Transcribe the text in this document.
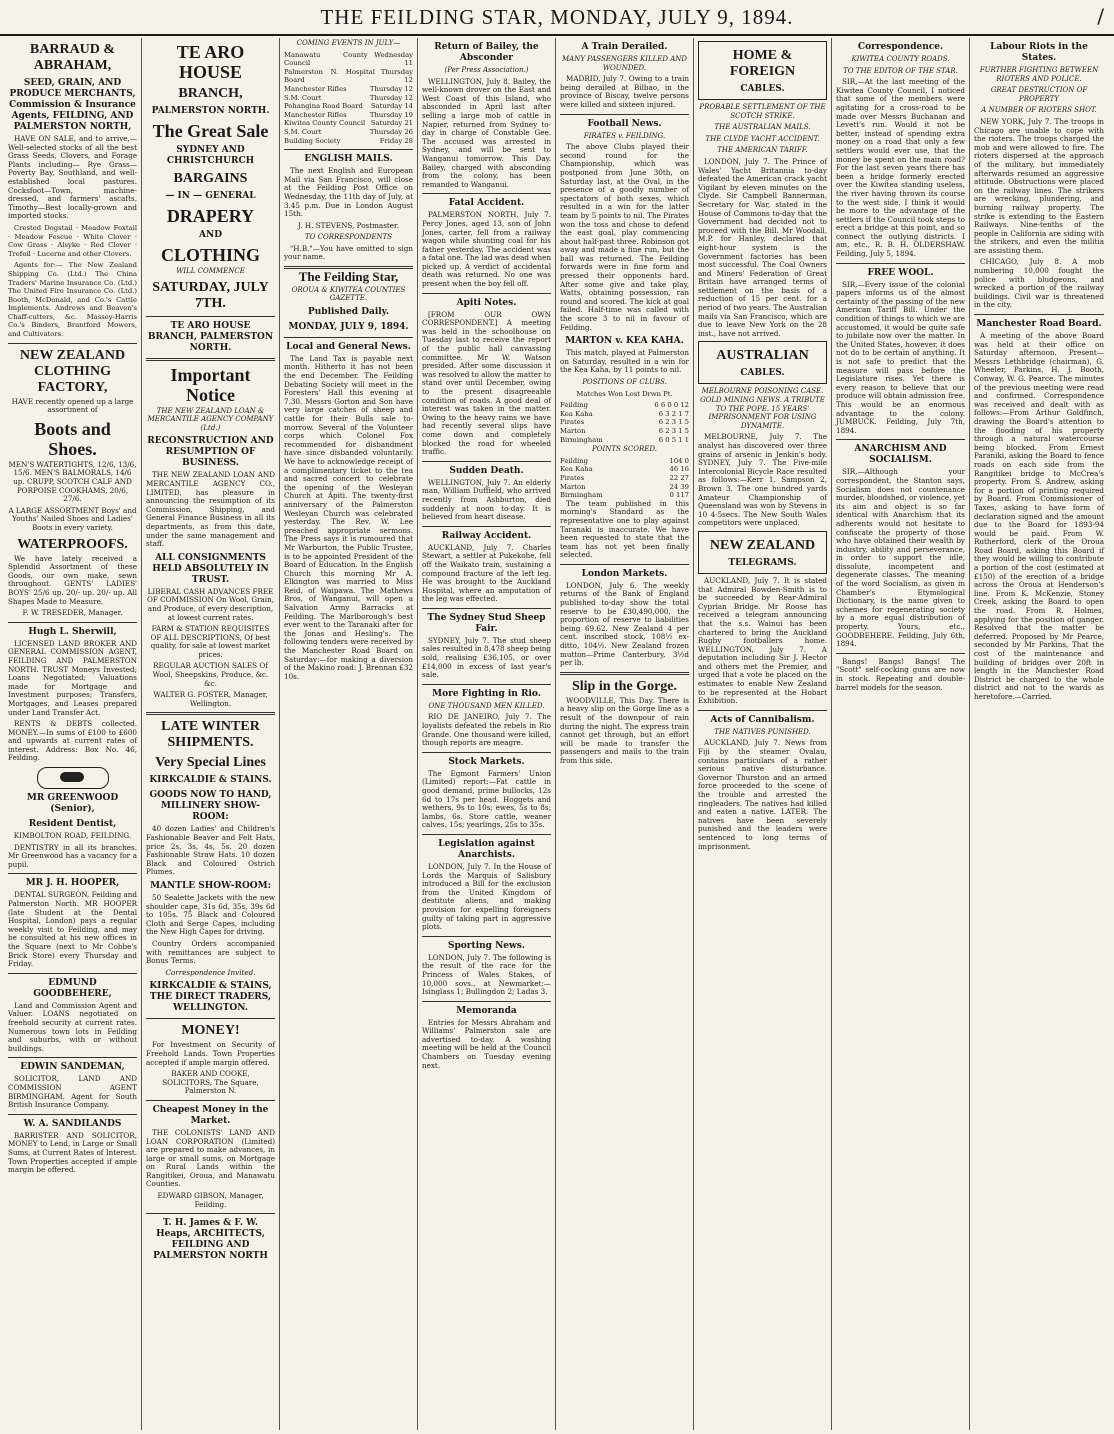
THE FEILDING STAR, MONDAY, JULY 9, 1894.	/
BARRAUD & ABRAHAM,
SEED, GRAIN, AND PRODUCE MERCHANTS, Commission & Insurance Agents, FEILDING, AND PALMERSTON NORTH,

HAVE ON SALE, and to arrive,— Well-selected stocks of all the best Grass Seeds, Clovers, and Forage Plants including— Rye Grass—Poverty Bay, Southland, and well-established local pastures. Cocksfoot—Town, machine-dressed, and farmers' ascafts. Timothy—Best locally-grown and imported stocks.

Crested Dogstail · Meadow Foxtail · Meadow Fescue · White Clover · Cow Grass · Alsyke · Red Clover · Trefoil · Lucerne and other Clovers.

Agents for:— The New Zealand Shipping Co. (Ltd.) The China Traders' Marine Insurance Co. (Ltd.) The United Fire Insurance Co. (Ltd.) Booth, McDonald, and Co.'s Cattle Implements. Andrews and Beaven's Chaff-cutters, &c. Massey-Harris Co.'s Binders, Brantford Mowers, and Cultivators.

NEW ZEALAND CLOTHING FACTORY,

HAVE recently opened up a large assortment of

Boots and Shoes.

MEN'S WATERTIGHTS, 12/6, 13/6, 15/6. MEN'S BALMORALS, 14/6 up. CRUPP, SCOTCH CALF AND PORPOISE COOKHAMS, 20/6, 27/6.

A LARGE ASSORTMENT Boys' and Youths' Nailed Shoes and Ladies' Boots in every variety.

WATERPROOFS.

We have lately received a Splendid Assortment of these Goods, our own make, sewn throughout. GENTS' LADIES' BOYS' 25/6 up. 20/- up. 20/- up. All Shapes Made to Measure.

F. W. TRESEDER, Manager.

Hugh L. Sherwill,

LICENSED LAND BROKER AND GENERAL COMMISSION AGENT, FEILDING AND PALMERSTON NORTH. TRUST Moneys Invested; Loans Negotiated; Valuations made for Mortgage and Investment purposes; Transfers, Mortgages, and Leases prepared under Land Transfer Act.

RENTS & DEBTS collected. MONEY.—In sums of £100 to £600 and upwards at current rates of interest. Address: Box No. 46, Feilding.

MR GREENWOOD (Senior),
Resident Dentist,

KIMBOLTON ROAD, FEILDING.

DENTISTRY in all its branches. Mr Greenwood has a vacancy for a pupil.

MR J. H. HOOPER,

DENTAL SURGEON, Feilding and Palmerston North. MR HOOPER (late Student at the Dental Hospital, London) pays a regular weekly visit to Feilding, and may be consulted at his new offices in the Square (next to Mr Cobbe's Brick Store) every Thursday and Friday.

EDMUND GOODBEHERE,

Land and Commission Agent and Valuer. LOANS negotiated on freehold security at current rates. Numerous town lots in Feilding and suburbs, with or without buildings.

EDWIN SANDEMAN,

SOLICITOR, LAND AND COMMISSION AGENT BIRMINGHAM. Agent for South British Insurance Company.

W. A. SANDILANDS

BARRISTER AND SOLICITOR, MONEY to Lend, in Large or Small Sums, at Current Rates of Interest. Town Properties accepted if ample margin be offered.

TE ARO HOUSE
BRANCH,
PALMERSTON NORTH.
The Great Sale
SYDNEY AND CHRISTCHURCH
BARGAINS
— IN — GENERAL
DRAPERY
AND
CLOTHING
WILL COMMENCE
SATURDAY, JULY 7TH.
TE ARO HOUSE BRANCH, PALMERSTON NORTH.
Important Notice
THE NEW ZEALAND LOAN & MERCANTILE AGENCY COMPANY (Ltd.)
RECONSTRUCTION AND RESUMPTION OF BUSINESS.

THE NEW ZEALAND LOAN AND MERCANTILE AGENCY CO., LIMITED, has pleasure in announcing the resumption of its Commission, Shipping, and General Finance Business in all its departments, as from this date, under the same management and staff.

ALL CONSIGNMENTS HELD ABSOLUTELY IN TRUST.

LIBERAL CASH ADVANCES FREE OF COMMISSION On Wool, Grain, and Produce, of every description, at lowest current rates.

FARM & STATION REQUISITES OF ALL DESCRIPTIONS, Of best quality, for sale at lowest market prices.

REGULAR AUCTION SALES Of Wool, Sheepskins, Produce, &c. &c.

WALTER G. FOSTER, Manager, Wellington.

LATE WINTER SHIPMENTS.
Very Special Lines
KIRKCALDIE & STAINS.
GOODS NOW TO HAND, MILLINERY SHOW-ROOM:

40 dozen Ladies' and Children's Fashionable Beaver and Felt Hats, price 2s, 3s, 4s, 5s. 20 dozen Fashionable Straw Hats. 10 dozen Black and Coloured Ostrich Plumes.

MANTLE SHOW-ROOM:

50 Sealette Jackets with the new shoulder cape, 31s 6d, 35s, 39s 6d to 105s. 75 Black and Coloured Cloth and Serge Capes, including the New High Capes for driving.

Country Orders accompanied with remittances are subject to Bonus Terms.

Correspondence Invited.

KIRKCALDIE & STAINS, THE DIRECT TRADERS, WELLINGTON.
MONEY!

For Investment on Security of Freehold Lands. Town Properties accepted if ample margin offered.

BAKER AND COOKE, SOLICITORS, The Square, Palmerston N.

Cheapest Money in the Market.

THE COLONISTS' LAND AND LOAN CORPORATION (Limited) are prepared to make advances, in large or small sums, on Mortgage on Rural Lands within the Rangitikei, Oroua, and Manawatu Counties.

EDWARD GIBSON, Manager, Feilding.

T. H. James & F. W. Heaps, ARCHITECTS, FEILDING AND PALMERSTON NORTH
COMING EVENTS IN JULY—
Manawatu County Council
Wednesday 11
Palmerston N. Hospital Board
Thursday 12
Manchester Rifles	Thursday 12
S.M. Court	Thursday 12
Pohangina Road Board Saturday 14
Manchester Rifles	Thursday 19
Kiwitea County Council Saturday 21
S.M. Court	Thursday 26
Building Society	Friday 28
ENGLISH MAILS.

The next English and European Mail via San Francisco, will close at the Feilding Post Office on Wednesday, the 11th day of July, at 3.45 p.m. Due in London August 15th.

J. H. STEVENS, Postmaster.

TO CORRESPONDENTS

"H.B."—You have omitted to sign your name.

The Feilding Star,
OROUA & KIWITEA COUNTIES GAZETTE.
Published Daily.
MONDAY, JULY 9, 1894.
Local and General News.

The Land Tax is payable next month. Hitherto it has not been the end December. The Feilding Debating Society will meet in the Foresters' Hall this evening at 7.30. Messrs Gorton and Son have very large catches of sheep and cattle for their Bulls sale to-morrow. Several of the Volunteer corps which Colonel Fox recommended for disbandment have since disbanded voluntarily. We have to acknowledge receipt of a complimentary ticket to the tea and sacred concert to celebrate the opening of the Wesleyan Church at Apiti. The twenty-first anniversary of the Palmerston Wesleyan Church was celebrated yesterday. The Rev. W. Lee preached appropriate sermons. The Press says it is rumoured that Mr Warburton, the Public Trustee, is to be appointed President of the Board of Education. In the English Church this morning Mr A. Elkington was married to Miss Reid, of Waipawa. The Mathews Bros, of Wanganui, will open a Salvation Army Barracks at Feilding. The Marlborough's best ever went to the Taranaki after for the Jonas and Hesling's. The following tenders were received by the Manchester Road Board on Saturday:—for making a diversion of the Makino road: J. Brennan £32 10s.

Return of Bailey, the Absconder
(Per Press Association.)

WELLINGTON, July 8. Bailey, the well-known drover on the East and West Coast of this Island, who absconded in April last after selling a large mob of cattle in Napier, returned from Sydney to-day in charge of Constable Gee. The accused was arrested in Sydney, and will be sent to Wanganui tomorrow. This Day. Bailey, charged with absconding from the colony, has been remanded to Wanganui.

Fatal Accident.

PALMERSTON NORTH, July 7. Percy Jones, aged 13, son of John Jones, carter, fell from a railway wagon while shunting coal for his father yesterday. The accident was a fatal one. The lad was dead when picked up. A verdict of accidental death was returned. No one was present when the boy fell off.

Apiti Notes.

[FROM OUR OWN CORRESPONDENT.] A meeting was held in the schoolhouse on Tuesday last to receive the report of the public hall canvassing committee. Mr W. Watson presided. After some discussion it was resolved to allow the matter to stand over until December, owing to the present disagreeable condition of roads. A good deal of interest was taken in the matter. Owing to the heavy rains we have had recently several slips have come down and completely blocked the road for wheeled traffic.

Sudden Death.

WELLINGTON, July 7. An elderly man, William Duffield, who arrived recently from Ashburton, died suddenly at noon to-day. It is believed from heart disease.

Railway Accident.

AUCKLAND, July 7. Charles Stewart, a settler at Pukekohe, fell off the Waikato train, sustaining a compound fracture of the left leg. He was brought to the Auckland Hospital, where an amputation of the leg was effected.

The Sydney Stud Sheep Fair.

SYDNEY, July 7. The stud sheep sales resulted in 8,478 sheep being sold, realising £36,105, or over £14,000 in excess of last year's sale.

More Fighting in Rio.
ONE THOUSAND MEN KILLED.

RIO DE JANEIRO, July 7. The loyalists defeated the rebels in Rio Grande. One thousand were killed, though reports are meagre.

Stock Markets.

The Egmont Farmers' Union (Limited) report:—Fat cattle in good demand, prime bullocks, 12s 6d to 17s per head. Hoggets and wethers, 9s to 10s; ewes, 5s to 8s; lambs, 6s. Store cattle, weaner calves, 15s; yearlings, 25s to 35s.

Legislation against Anarchists.

LONDON, July 7. In the House of Lords the Marquis of Salisbury introduced a Bill for the exclusion from the United Kingdom of destitute aliens, and making provision for expelling foreigners guilty of taking part in aggressive plots.

Sporting News.

LONDON, July 7. The following is the result of the race for the Princess of Wales Stakes, of 10,000 sovs., at Newmarket:—Isinglass 1; Bullingdon 2; Ladas 3.

Memoranda

Entries for Messrs Abraham and Williams' Palmerston sale are advertised to-day. A washing meeting will be held at the Council Chambers on Tuesday evening next.

A Train Derailed.
MANY PASSENGERS KILLED AND WOUNDED.

MADRID, July 7. Owing to a train being derailed at Bilbao, in the province of Biscay, twelve persons were killed and sixteen injured.

Football News.
FIRATES v. FEILDING.

The above Clubs played their second round for the Championship, which was postponed from June 30th, on Saturday last, at the Oval, in the presence of a goodly number of spectators of both sexes, which resulted in a win for the latter team by 5 points to nil. The Pirates won the toss and chose to defend the east goal, play commencing about half-past three. Robinson got away and made a fine run, but the ball was returned. The Feilding forwards were in fine form and pressed their opponents hard. After some give and take play, Watts, obtaining possession, ran round and scored. The kick at goal failed. Half-time was called with the score 3 to nil in favour of Feilding.

MARTON v. KEA KAHA.

This match, played at Palmerston on Saturday, resulted in a win for the Kea Kaha, by 11 points to nil.

POSITIONS OF CLUBS.

Matches Won Lost Drwn Pt.

Feilding	6 6 0 0 12
Kea Kaha	6 3 2 1 7
Pirates	6 2 3 1 5
Marton	6 2 3 1 5
Birmingham	6 0 5 1 1
POINTS SCORED.
Feilding	104 0
Kea Kaha	46 16
Pirates	22 27
Marton	24 39
Birmingham	0 117

The team published in this morning's Standard as the representative one to play against Taranaki is inaccurate. We have been requested to state that the team has not yet been finally selected.

London Markets.

LONDON, July 6. The weekly returns of the Bank of England published to-day show the total reserve to be £30,490,000, the proportion of reserve to liabilities being 69.62. New Zealand 4 per cent. inscribed stock, 108½ ex-ditto, 104½. New Zealand frozen mutton—Prime Canterbury, 3½d per lb.

Slip in the Gorge.

WOODVILLE, This Day. There is a heavy slip on the Gorge line as a result of the downpour of rain during the night. The express train cannot get through, but an effort will be made to transfer the passengers and mails to the train from this side.

HOME & FOREIGN
CABLES.
PROBABLE SETTLEMENT OF THE SCOTCH STRIKE.
THE AUSTRALIAN MAILS.
THE CLYDE YACHT ACCIDENT.
THE AMERICAN TARIFF.

LONDON, July 7. The Prince of Wales' Yacht Britannia to-day defeated the American crack yacht Vigilant by eleven minutes on the Clyde. Sir Campbell Bannerman, Secretary for War, stated in the House of Commons to-day that the Government had decided not to proceed with the Bill. Mr Woodall, M.P. for Hanley, declared that eight-hour system is the Government factories has been most successful. The Coal Owners and Miners' Federation of Great Britain have arranged terms of settlement on the basis of a reduction of 15 per cent. for a period of two years. The Australian mails via San Francisco, which are due to leave New York on the 28 inst., have not arrived.

AUSTRALIAN
CABLES.
MELBOURNE POISONING CASE. GOLD MINING NEWS. A TRIBUTE TO THE POPE. 15 YEARS' IMPRISONMENT FOR USING DYNAMITE.

MELBOURNE, July 7. The analyst has discovered over three grains of arsenic in Jenkin's body. SYDNEY, July 7. The Five-mile Intercolonial Bicycle Race resulted as follows:—Kerr 1, Sampson 2, Brown 3. The one hundred yards Amateur Championship of Queensland was won by Stevens in 10 4-5secs. The New South Wales competitors were unplaced.

NEW ZEALAND
TELEGRAMS.

AUCKLAND, July 7. It is stated that Admiral Bowden-Smith is to be succeeded by Rear-Admiral Cyprian Bridge. Mr Roose has received a telegram announcing that the s.s. Wainui has been chartered to bring the Auckland Rugby footballers home. WELLINGTON, July 7. A deputation including Sir J. Hector and others met the Premier, and urged that a vote be placed on the estimates to enable New Zealand to be represented at the Hobart Exhibition.

Acts of Cannibalism.
THE NATIVES PUNISHED.

AUCKLAND, July 7. News from Fiji by the steamer Ovalau, contains particulars of a rather serious native disturbance. Governor Thurston and an armed force proceeded to the scene of the trouble and arrested the ringleaders. The natives had killed and eaten a native. LATER. The natives have been severely punished and the leaders were sentenced to long terms of imprisonment.

Correspondence.
KIWITEA COUNTY ROADS.
TO THE EDITOR OF THE STAR.

SIR,—At the last meeting of the Kiwitea County Council, I noticed that some of the members were agitating for a cross-road to be made over Messrs Buchanan and Levett's run. Would it not be better, instead of spending extra money on a road that only a few settlers would ever use, that the money be spent on the main road? For the last seven years there has been a bridge formerly erected over the Kiwitea standing useless, the river having thrown its course to the west side. I think it would be more to the advantage of the settlers if the Council took steps to erect a bridge at this point, and so connect the outlying districts. I am, etc., R. B. H. OLDERSHAW. Feilding, July 5, 1894.

FREE WOOL.

SIR,—Every issue of the colonial papers informs us of the almost certainty of the passing of the new American Tariff Bill. Under the condition of things to which we are accustomed, it would be quite safe to jubilate now over the matter. In the United States, however, it does not do to be certain of anything. It is not safe to predict that the measure will pass before the Legislature rises. Yet there is every reason to believe that our produce will obtain admission free. This would be an enormous advantage to the colony. JUMBUCK. Feilding, July 7th, 1894.

ANARCHISM AND SOCIALISM.

SIR,—Although your correspondent, the Stanton says, Socialism does not countenance murder, bloodshed, or violence, yet its aim and object is so far identical with Anarchism that its adherents would not hesitate to confiscate the property of those who have obtained their wealth by industry, ability and perseverance, in order to support the idle, dissolute, incompetent and degenerate classes. The meaning of the word Socialism, as given in Chamber's Etymological Dictionary, is the name given to schemes for regenerating society by a more equal distribution of property. Yours, etc., GOODBEHERE. Feilding, July 6th, 1894.

Bangs! Bangs! Bangs! The "Scott" self-cocking guns are now in stock. Repeating and double-barrel models for the season.

Labour Riots in the States.
FURTHER FIGHTING BETWEEN RIOTERS AND POLICE.
GREAT DESTRUCTION OF PROPERTY
A NUMBER OF RIOTERS SHOT.

NEW YORK, July 7. The troops in Chicago are unable to cope with the rioters. The troops charged the mob and were allowed to fire. The rioters dispersed at the approach of the military, but immediately afterwards resumed an aggressive attitude. Obstructions were placed on the railway lines. The strikers are wrecking, plundering, and burning railway property. The strike is extending to the Eastern Railways. Nine-tenths of the people in California are siding with the strikers, and even the militia are assisting them.

CHICAGO, July 8. A mob numbering 10,000 fought the police with bludgeons, and wrecked a portion of the railway buildings. Civil war is threatened in the city.

Manchester Road Board.

A meeting of the above Board was held at their office on Saturday afternoon. Present—Messrs Lethbridge (chairman), G. Wheeler, Parkins, H. J. Booth, Conway, W. G. Pearce. The minutes of the previous meeting were read and confirmed. Correspondence was received and dealt with as follows:—From Arthur Goldfinch, drawing the Board's attention to the flooding of his property through a natural watercourse being blocked. From Ernest Paraniki, asking the Board to fence roads on each side from the Rangitikei bridge to McCrea's property. From S. Andrew, asking for a portion of printing required by Board. From Commissioner of Taxes, asking to have form of declaration signed and the amount due to the Board for 1893-94 would be paid. From W. Rutherford, clerk of the Oroua Road Board, asking this Board if they would be willing to contribute a portion of the cost (estimated at £150) of the erection of a bridge across the Oroua at Henderson's line. From K. McKenzie, Stoney Creek, asking the Board to open the road. From R. Holmes, applying for the position of ganger. Resolved that the matter be deferred. Proposed by Mr Pearce, seconded by Mr Parkins, That the cost of the maintenance and building of bridges over 20ft in length in the Manchester Road District be charged to the whole district and not to the wards as heretofore.—Carried.
